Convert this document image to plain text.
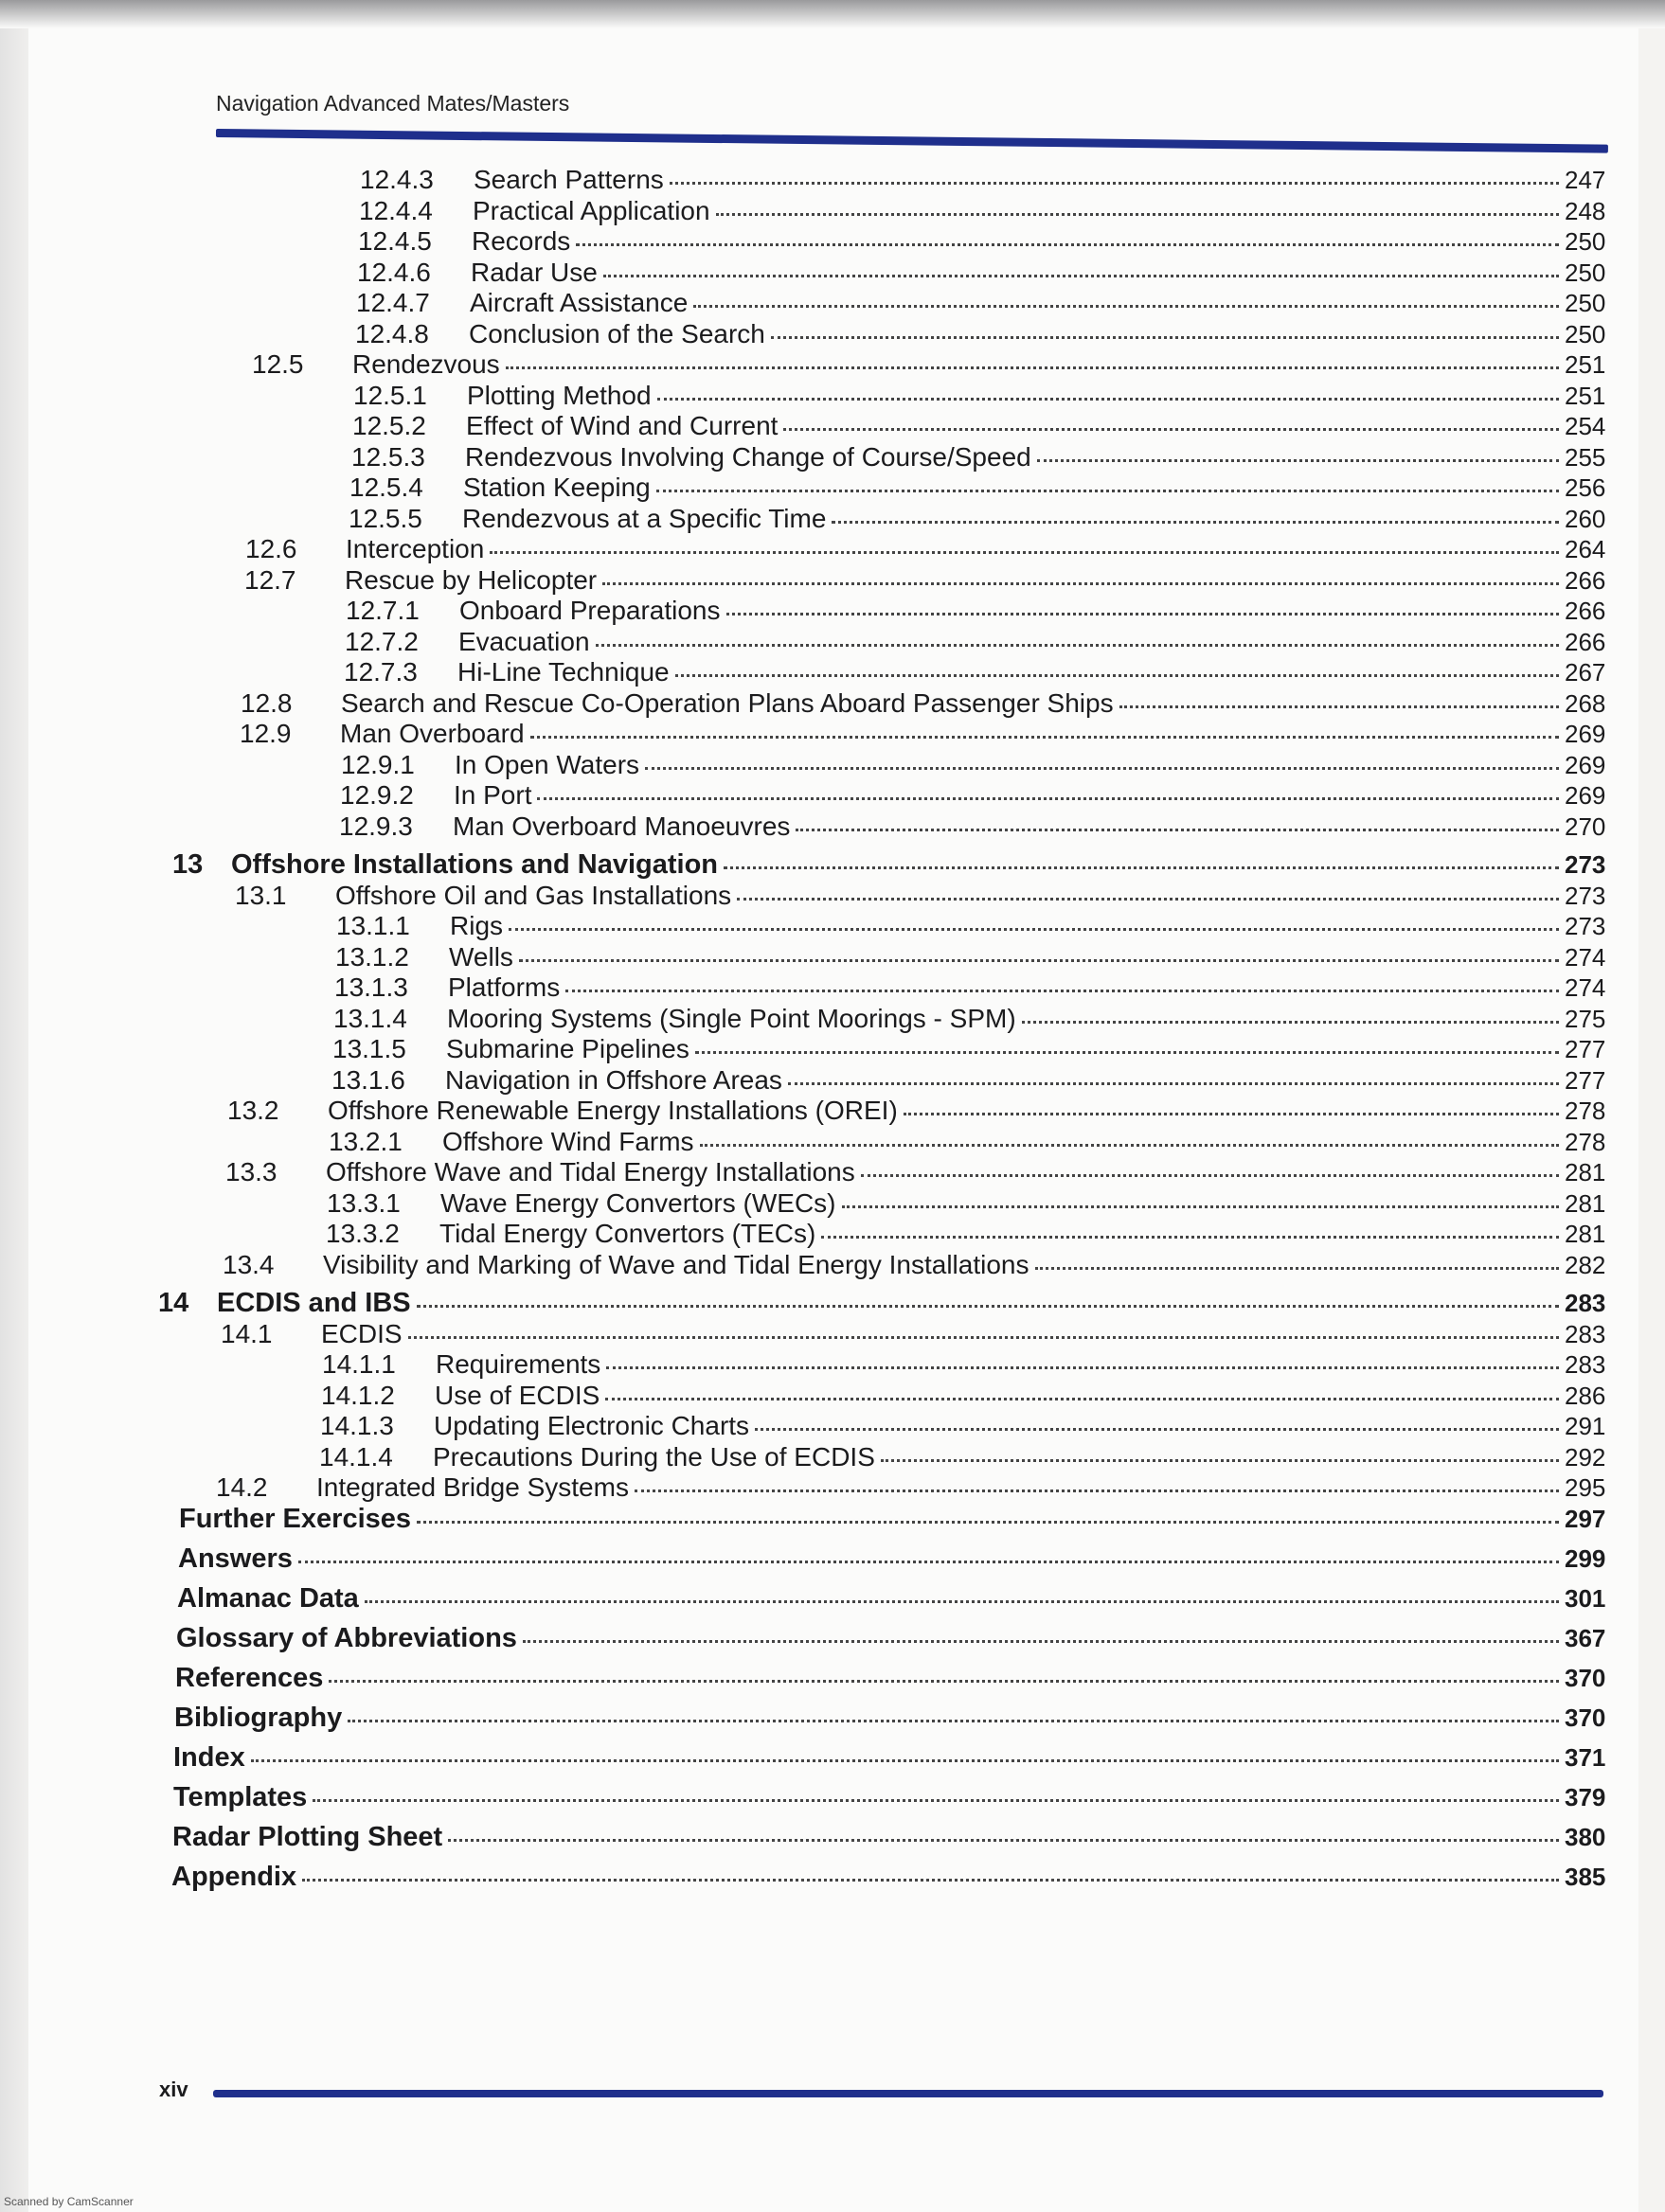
Navigation Advanced Mates/Masters
12.4.3	Search Patterns	247
12.4.4	Practical Application	248
12.4.5	Records	250
12.4.6	Radar Use	250
12.4.7	Aircraft Assistance	250
12.4.8	Conclusion of the Search	250
12.5	Rendezvous	251
12.5.1	Plotting Method	251
12.5.2	Effect of Wind and Current	254
12.5.3	Rendezvous Involving Change of Course/Speed	255
12.5.4	Station Keeping	256
12.5.5	Rendezvous at a Specific Time	260
12.6	Interception	264
12.7	Rescue by Helicopter	266
12.7.1	Onboard Preparations	266
12.7.2	Evacuation	266
12.7.3	Hi-Line Technique	267
12.8	Search and Rescue Co-Operation Plans Aboard Passenger Ships	268
12.9	Man Overboard	269
12.9.1	In Open Waters	269
12.9.2	In Port	269
12.9.3	Man Overboard Manoeuvres	270
13	Offshore Installations and Navigation	273
13.1	Offshore Oil and Gas Installations	273
13.1.1	Rigs	273
13.1.2	Wells	274
13.1.3	Platforms	274
13.1.4	Mooring Systems (Single Point Moorings - SPM)	275
13.1.5	Submarine Pipelines	277
13.1.6	Navigation in Offshore Areas	277
13.2	Offshore Renewable Energy Installations (OREI)	278
13.2.1	Offshore Wind Farms	278
13.3	Offshore Wave and Tidal Energy Installations	281
13.3.1	Wave Energy Convertors (WECs)	281
13.3.2	Tidal Energy Convertors (TECs)	281
13.4	Visibility and Marking of Wave and Tidal Energy Installations	282
14	ECDIS and IBS	283
14.1	ECDIS	283
14.1.1	Requirements	283
14.1.2	Use of ECDIS	286
14.1.3	Updating Electronic Charts	291
14.1.4	Precautions During the Use of ECDIS	292
14.2	Integrated Bridge Systems	295
Further Exercises	297
Answers	299
Almanac Data	301
Glossary of Abbreviations	367
References	370
Bibliography	370
Index	371
Templates	379
Radar Plotting Sheet	380
Appendix	385
xiv
Scanned by CamScanner
